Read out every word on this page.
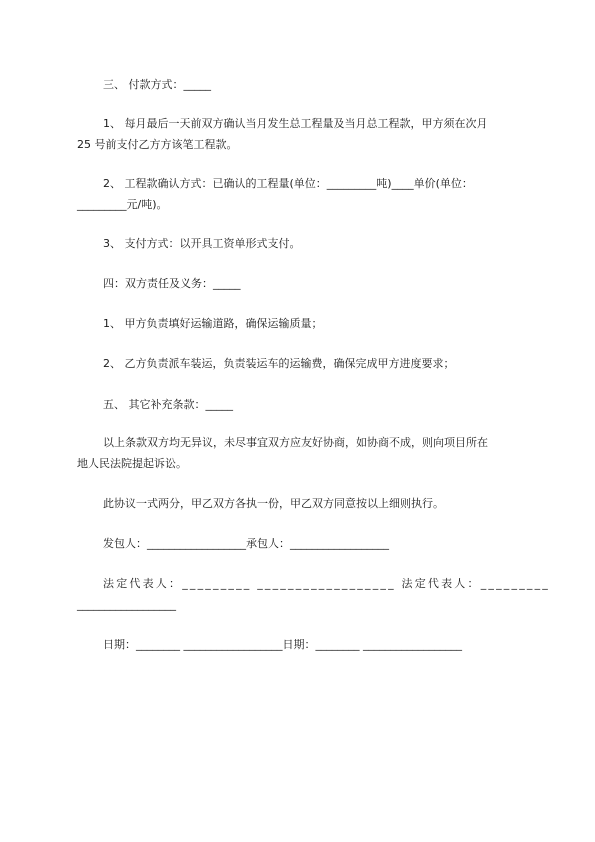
三、 付款方式：_____
1、 每月最后一天前双方确认当月发生总工程量及当月总工程款，甲方须在次月
25 号前支付乙方方该笔工程款。
2、 工程款确认方式：已确认的工程量(单位：_________吨)____单价(单位：
_________元/吨)。
3、 支付方式：以开具工资单形式支付。
四：双方责任及义务：_____
1、 甲方负责填好运输道路，确保运输质量；
2、 乙方负责派车装运，负责装运车的运输费，确保完成甲方进度要求；
五、 其它补充条款：_____
以上条款双方均无异议，未尽事宜双方应友好协商，如协商不成，则向项目所在
地人民法院提起诉讼。
此协议一式两分，甲乙双方各执一份，甲乙双方同意按以上细则执行。
发包人：__________________承包人：__________________
法定代表人：_________ __________________ 法定代表人：_________
__________________
日期：________ __________________日期：________ __________________
